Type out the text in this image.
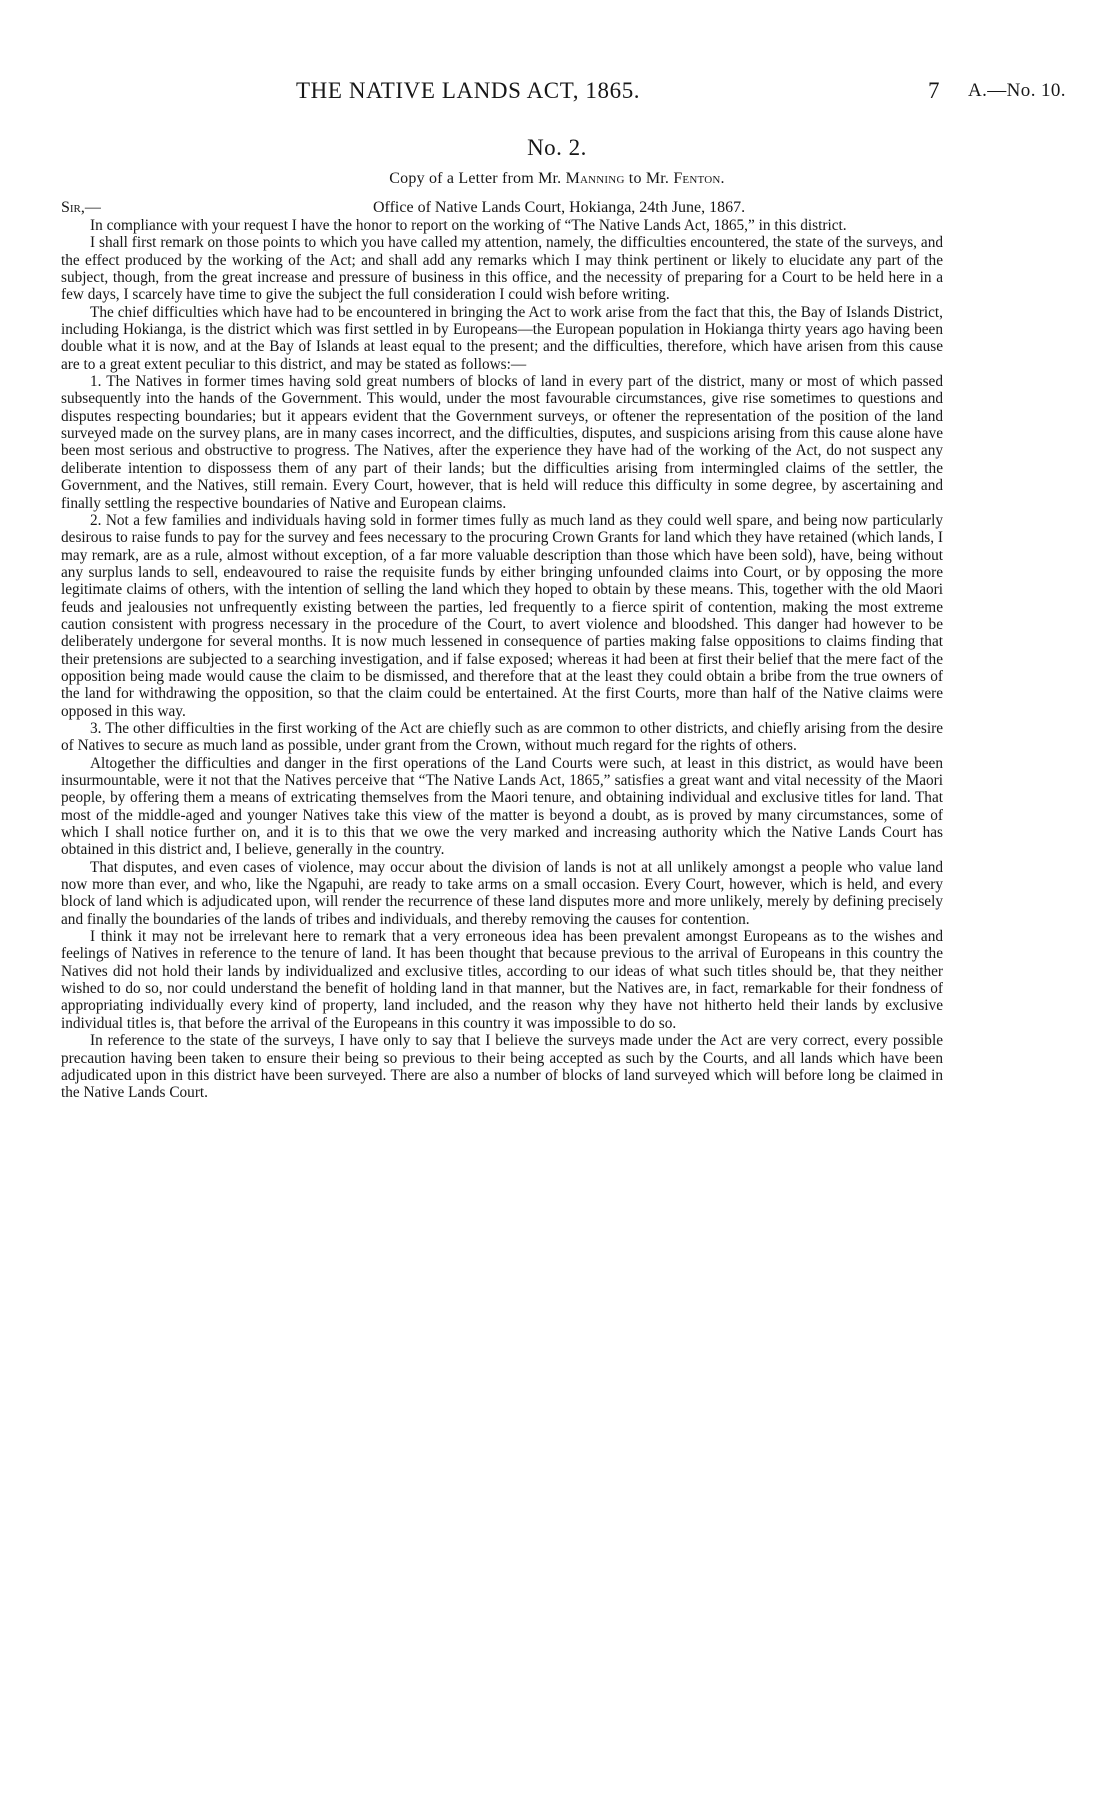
THE NATIVE LANDS ACT, 1865.	7 A.—No. 10.
No. 2.
Copy of a Letter from Mr. Manning to Mr. Fenton.
Sir,—	Office of Native Lands Court, Hokianga, 24th June, 1867.

In compliance with your request I have the honor to report on the working of “The Native Lands Act, 1865,” in this district.

I shall first remark on those points to which you have called my attention, namely, the difficulties encountered, the state of the surveys, and the effect produced by the working of the Act; and shall add any remarks which I may think pertinent or likely to elucidate any part of the subject, though, from the great increase and pressure of business in this office, and the necessity of preparing for a Court to be held here in a few days, I scarcely have time to give the subject the full consideration I could wish before writing.

The chief difficulties which have had to be encountered in bringing the Act to work arise from the fact that this, the Bay of Islands District, including Hokianga, is the district which was first settled in by Europeans—the European population in Hokianga thirty years ago having been double what it is now, and at the Bay of Islands at least equal to the present; and the difficulties, therefore, which have arisen from this cause are to a great extent peculiar to this district, and may be stated as follows:—

1. The Natives in former times having sold great numbers of blocks of land in every part of the district, many or most of which passed subsequently into the hands of the Government. This would, under the most favourable circumstances, give rise sometimes to questions and disputes respecting boundaries; but it appears evident that the Government surveys, or oftener the representation of the position of the land surveyed made on the survey plans, are in many cases incorrect, and the difficulties, disputes, and suspicions arising from this cause alone have been most serious and obstructive to progress. The Natives, after the experience they have had of the working of the Act, do not suspect any deliberate intention to dispossess them of any part of their lands; but the difficulties arising from intermingled claims of the settler, the Government, and the Natives, still remain. Every Court, however, that is held will reduce this difficulty in some degree, by ascertaining and finally settling the respective boundaries of Native and European claims.

2. Not a few families and individuals having sold in former times fully as much land as they could well spare, and being now particularly desirous to raise funds to pay for the survey and fees necessary to the procuring Crown Grants for land which they have retained (which lands, I may remark, are as a rule, almost without exception, of a far more valuable description than those which have been sold), have, being without any surplus lands to sell, endeavoured to raise the requisite funds by either bringing unfounded claims into Court, or by opposing the more legitimate claims of others, with the intention of selling the land which they hoped to obtain by these means. This, together with the old Maori feuds and jealousies not unfrequently existing between the parties, led frequently to a fierce spirit of contention, making the most extreme caution consistent with progress necessary in the procedure of the Court, to avert violence and bloodshed. This danger had however to be deliberately undergone for several months. It is now much lessened in consequence of parties making false oppositions to claims finding that their pretensions are subjected to a searching investigation, and if false exposed; whereas it had been at first their belief that the mere fact of the opposition being made would cause the claim to be dismissed, and therefore that at the least they could obtain a bribe from the true owners of the land for withdrawing the opposition, so that the claim could be entertained. At the first Courts, more than half of the Native claims were opposed in this way.

3. The other difficulties in the first working of the Act are chiefly such as are common to other districts, and chiefly arising from the desire of Natives to secure as much land as possible, under grant from the Crown, without much regard for the rights of others.

Altogether the difficulties and danger in the first operations of the Land Courts were such, at least in this district, as would have been insurmountable, were it not that the Natives perceive that “The Native Lands Act, 1865,” satisfies a great want and vital necessity of the Maori people, by offering them a means of extricating themselves from the Maori tenure, and obtaining individual and exclusive titles for land. That most of the middle-aged and younger Natives take this view of the matter is beyond a doubt, as is proved by many circumstances, some of which I shall notice further on, and it is to this that we owe the very marked and increasing authority which the Native Lands Court has obtained in this district and, I believe, generally in the country.

That disputes, and even cases of violence, may occur about the division of lands is not at all unlikely amongst a people who value land now more than ever, and who, like the Ngapuhi, are ready to take arms on a small occasion. Every Court, however, which is held, and every block of land which is adjudicated upon, will render the recurrence of these land disputes more and more unlikely, merely by defining precisely and finally the boundaries of the lands of tribes and individuals, and thereby removing the causes for contention.

I think it may not be irrelevant here to remark that a very erroneous idea has been prevalent amongst Europeans as to the wishes and feelings of Natives in reference to the tenure of land. It has been thought that because previous to the arrival of Europeans in this country the Natives did not hold their lands by individualized and exclusive titles, according to our ideas of what such titles should be, that they neither wished to do so, nor could understand the benefit of holding land in that manner, but the Natives are, in fact, remarkable for their fondness of appropriating individually every kind of property, land included, and the reason why they have not hitherto held their lands by exclusive individual titles is, that before the arrival of the Europeans in this country it was impossible to do so.

In reference to the state of the surveys, I have only to say that I believe the surveys made under the Act are very correct, every possible precaution having been taken to ensure their being so previous to their being accepted as such by the Courts, and all lands which have been adjudicated upon in this district have been surveyed. There are also a number of blocks of land surveyed which will before long be claimed in the Native Lands Court.
